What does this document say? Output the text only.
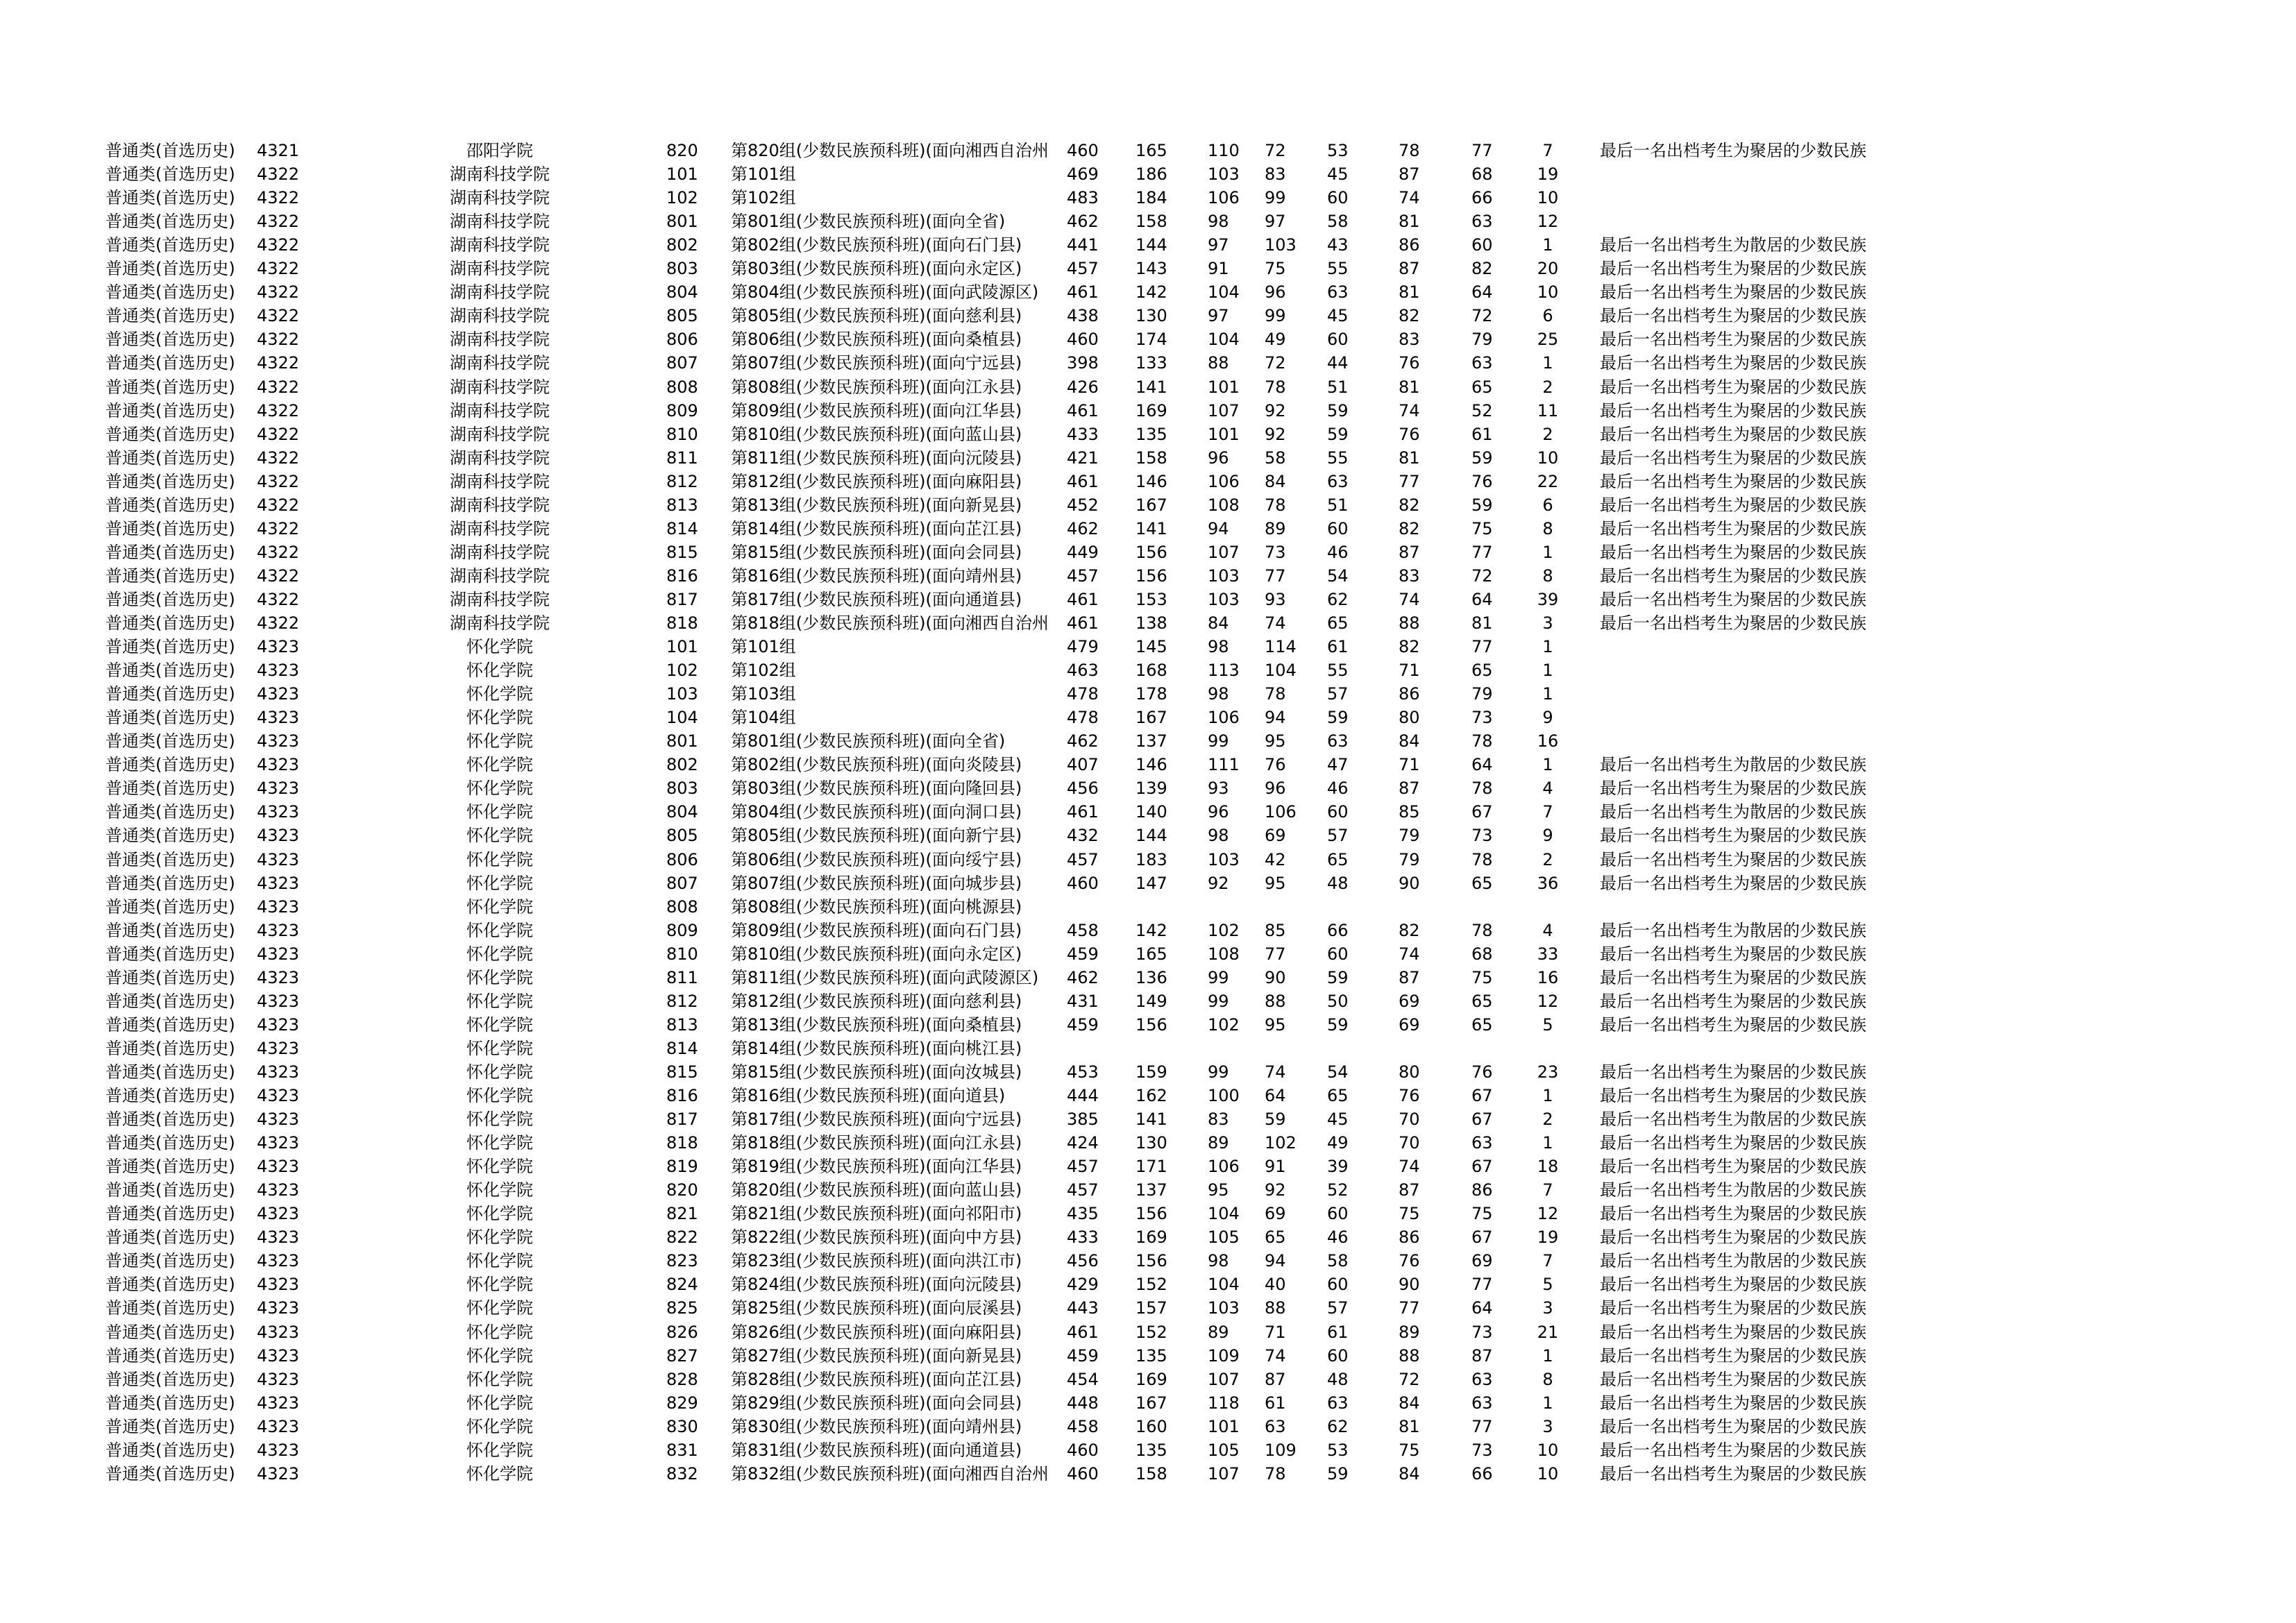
普通类(首选历史)	4321	邵阳学院	820	第820组(少数民族预科班)(面向湘西自治州 460	165	110	72	53	78	77	7	最后一名出档考生为聚居的少数民族
普通类(首选历史)	4322	湖南科技学院	101	第101组	469	186	103	83	45	87	68	19
普通类(首选历史)	4322	湖南科技学院	102	第102组	483	184	106	99	60	74	66	10
普通类(首选历史)	4322	湖南科技学院	801	第801组(少数民族预科班)(面向全省)	462	158	98	97	58	81	63	12
普通类(首选历史)	4322	湖南科技学院	802	第802组(少数民族预科班)(面向石门县)	441	144	97	103	43	86	60	1	最后一名出档考生为散居的少数民族
普通类(首选历史)	4322	湖南科技学院	803	第803组(少数民族预科班)(面向永定区)	457	143	91	75	55	87	82	20	最后一名出档考生为聚居的少数民族
普通类(首选历史)	4322	湖南科技学院	804	第804组(少数民族预科班)(面向武陵源区)	461	142	104	96	63	81	64	10	最后一名出档考生为聚居的少数民族
普通类(首选历史)	4322	湖南科技学院	805	第805组(少数民族预科班)(面向慈利县)	438	130	97	99	45	82	72	6	最后一名出档考生为聚居的少数民族
普通类(首选历史)	4322	湖南科技学院	806	第806组(少数民族预科班)(面向桑植县)	460	174	104	49	60	83	79	25	最后一名出档考生为聚居的少数民族
普通类(首选历史)	4322	湖南科技学院	807	第807组(少数民族预科班)(面向宁远县)	398	133	88	72	44	76	63	1	最后一名出档考生为聚居的少数民族
普通类(首选历史)	4322	湖南科技学院	808	第808组(少数民族预科班)(面向江永县)	426	141	101	78	51	81	65	2	最后一名出档考生为聚居的少数民族
普通类(首选历史)	4322	湖南科技学院	809	第809组(少数民族预科班)(面向江华县)	461	169	107	92	59	74	52	11	最后一名出档考生为聚居的少数民族
普通类(首选历史)	4322	湖南科技学院	810	第810组(少数民族预科班)(面向蓝山县)	433	135	101	92	59	76	61	2	最后一名出档考生为聚居的少数民族
普通类(首选历史)	4322	湖南科技学院	811	第811组(少数民族预科班)(面向沅陵县)	421	158	96	58	55	81	59	10	最后一名出档考生为聚居的少数民族
普通类(首选历史)	4322	湖南科技学院	812	第812组(少数民族预科班)(面向麻阳县)	461	146	106	84	63	77	76	22	最后一名出档考生为聚居的少数民族
普通类(首选历史)	4322	湖南科技学院	813	第813组(少数民族预科班)(面向新晃县)	452	167	108	78	51	82	59	6	最后一名出档考生为聚居的少数民族
普通类(首选历史)	4322	湖南科技学院	814	第814组(少数民族预科班)(面向芷江县)	462	141	94	89	60	82	75	8	最后一名出档考生为聚居的少数民族
普通类(首选历史)	4322	湖南科技学院	815	第815组(少数民族预科班)(面向会同县)	449	156	107	73	46	87	77	1	最后一名出档考生为聚居的少数民族
普通类(首选历史)	4322	湖南科技学院	816	第816组(少数民族预科班)(面向靖州县)	457	156	103	77	54	83	72	8	最后一名出档考生为聚居的少数民族
普通类(首选历史)	4322	湖南科技学院	817	第817组(少数民族预科班)(面向通道县)	461	153	103	93	62	74	64	39	最后一名出档考生为聚居的少数民族
普通类(首选历史)	4322	湖南科技学院	818	第818组(少数民族预科班)(面向湘西自治州 461	138	84	74	65	88	81	3	最后一名出档考生为聚居的少数民族
普通类(首选历史)	4323	怀化学院	101	第101组	479	145	98	114	61	82	77	1
普通类(首选历史)	4323	怀化学院	102	第102组	463	168	113	104	55	71	65	1
普通类(首选历史)	4323	怀化学院	103	第103组	478	178	98	78	57	86	79	1
普通类(首选历史)	4323	怀化学院	104	第104组	478	167	106	94	59	80	73	9
普通类(首选历史)	4323	怀化学院	801	第801组(少数民族预科班)(面向全省)	462	137	99	95	63	84	78	16
普通类(首选历史)	4323	怀化学院	802	第802组(少数民族预科班)(面向炎陵县)	407	146	111	76	47	71	64	1	最后一名出档考生为散居的少数民族
普通类(首选历史)	4323	怀化学院	803	第803组(少数民族预科班)(面向隆回县)	456	139	93	96	46	87	78	4	最后一名出档考生为聚居的少数民族
普通类(首选历史)	4323	怀化学院	804	第804组(少数民族预科班)(面向洞口县)	461	140	96	106	60	85	67	7	最后一名出档考生为散居的少数民族
普通类(首选历史)	4323	怀化学院	805	第805组(少数民族预科班)(面向新宁县)	432	144	98	69	57	79	73	9	最后一名出档考生为聚居的少数民族
普通类(首选历史)	4323	怀化学院	806	第806组(少数民族预科班)(面向绥宁县)	457	183	103	42	65	79	78	2	最后一名出档考生为聚居的少数民族
普通类(首选历史)	4323	怀化学院	807	第807组(少数民族预科班)(面向城步县)	460	147	92	95	48	90	65	36	最后一名出档考生为聚居的少数民族
普通类(首选历史)	4323	怀化学院	808	第808组(少数民族预科班)(面向桃源县)
普通类(首选历史)	4323	怀化学院	809	第809组(少数民族预科班)(面向石门县)	458	142	102	85	66	82	78	4	最后一名出档考生为散居的少数民族
普通类(首选历史)	4323	怀化学院	810	第810组(少数民族预科班)(面向永定区)	459	165	108	77	60	74	68	33	最后一名出档考生为聚居的少数民族
普通类(首选历史)	4323	怀化学院	811	第811组(少数民族预科班)(面向武陵源区)	462	136	99	90	59	87	75	16	最后一名出档考生为聚居的少数民族
普通类(首选历史)	4323	怀化学院	812	第812组(少数民族预科班)(面向慈利县)	431	149	99	88	50	69	65	12	最后一名出档考生为聚居的少数民族
普通类(首选历史)	4323	怀化学院	813	第813组(少数民族预科班)(面向桑植县)	459	156	102	95	59	69	65	5	最后一名出档考生为聚居的少数民族
普通类(首选历史)	4323	怀化学院	814	第814组(少数民族预科班)(面向桃江县)
普通类(首选历史)	4323	怀化学院	815	第815组(少数民族预科班)(面向汝城县)	453	159	99	74	54	80	76	23	最后一名出档考生为聚居的少数民族
普通类(首选历史)	4323	怀化学院	816	第816组(少数民族预科班)(面向道县)	444	162	100	64	65	76	67	1	最后一名出档考生为聚居的少数民族
普通类(首选历史)	4323	怀化学院	817	第817组(少数民族预科班)(面向宁远县)	385	141	83	59	45	70	67	2	最后一名出档考生为散居的少数民族
普通类(首选历史)	4323	怀化学院	818	第818组(少数民族预科班)(面向江永县)	424	130	89	102	49	70	63	1	最后一名出档考生为聚居的少数民族
普通类(首选历史)	4323	怀化学院	819	第819组(少数民族预科班)(面向江华县)	457	171	106	91	39	74	67	18	最后一名出档考生为聚居的少数民族
普通类(首选历史)	4323	怀化学院	820	第820组(少数民族预科班)(面向蓝山县)	457	137	95	92	52	87	86	7	最后一名出档考生为散居的少数民族
普通类(首选历史)	4323	怀化学院	821	第821组(少数民族预科班)(面向祁阳市)	435	156	104	69	60	75	75	12	最后一名出档考生为聚居的少数民族
普通类(首选历史)	4323	怀化学院	822	第822组(少数民族预科班)(面向中方县)	433	169	105	65	46	86	67	19	最后一名出档考生为聚居的少数民族
普通类(首选历史)	4323	怀化学院	823	第823组(少数民族预科班)(面向洪江市)	456	156	98	94	58	76	69	7	最后一名出档考生为散居的少数民族
普通类(首选历史)	4323	怀化学院	824	第824组(少数民族预科班)(面向沅陵县)	429	152	104	40	60	90	77	5	最后一名出档考生为聚居的少数民族
普通类(首选历史)	4323	怀化学院	825	第825组(少数民族预科班)(面向辰溪县)	443	157	103	88	57	77	64	3	最后一名出档考生为聚居的少数民族
普通类(首选历史)	4323	怀化学院	826	第826组(少数民族预科班)(面向麻阳县)	461	152	89	71	61	89	73	21	最后一名出档考生为聚居的少数民族
普通类(首选历史)	4323	怀化学院	827	第827组(少数民族预科班)(面向新晃县)	459	135	109	74	60	88	87	1	最后一名出档考生为聚居的少数民族
普通类(首选历史)	4323	怀化学院	828	第828组(少数民族预科班)(面向芷江县)	454	169	107	87	48	72	63	8	最后一名出档考生为聚居的少数民族
普通类(首选历史)	4323	怀化学院	829	第829组(少数民族预科班)(面向会同县)	448	167	118	61	63	84	63	1	最后一名出档考生为聚居的少数民族
普通类(首选历史)	4323	怀化学院	830	第830组(少数民族预科班)(面向靖州县)	458	160	101	63	62	81	77	3	最后一名出档考生为聚居的少数民族
普通类(首选历史)	4323	怀化学院	831	第831组(少数民族预科班)(面向通道县)	460	135	105	109	53	75	73	10	最后一名出档考生为聚居的少数民族
普通类(首选历史)	4323	怀化学院	832	第832组(少数民族预科班)(面向湘西自治州 460	158	107	78	59	84	66	10	最后一名出档考生为聚居的少数民族
